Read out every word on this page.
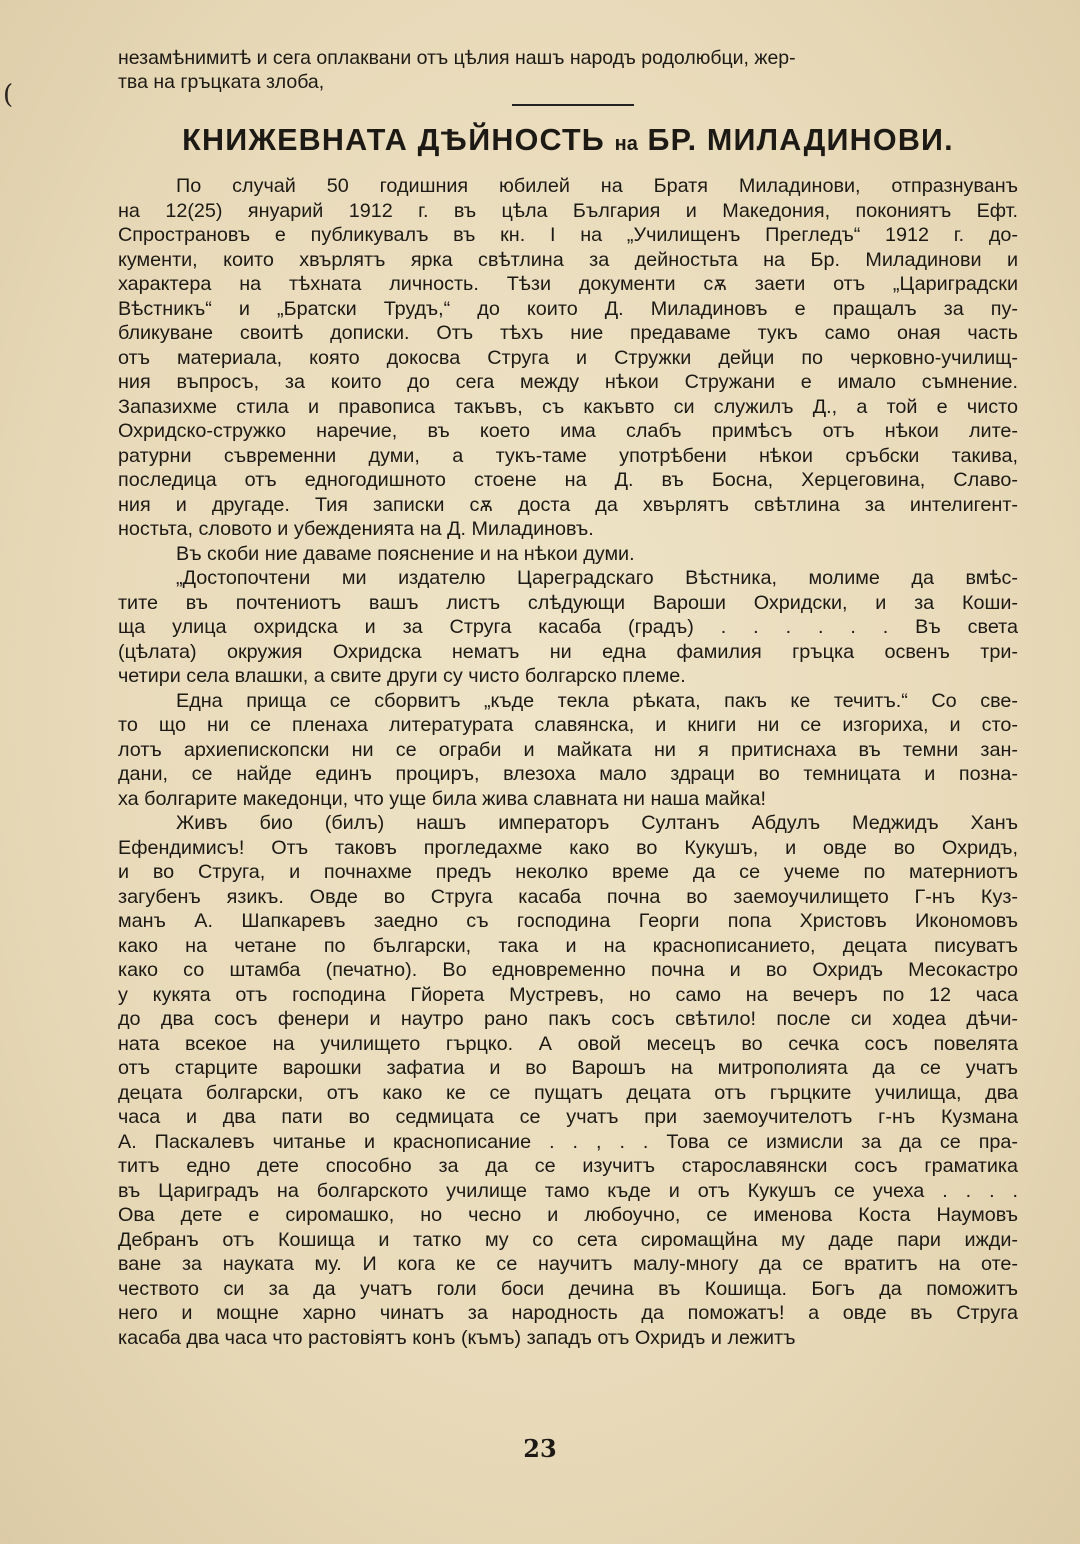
(

незамѣнимитѣ и сега оплаквани отъ цѣлия нашъ народъ родолюбци, жер-

тва на гръцката злоба,

КНИЖЕВНАТА ДѢЙНОСТЬ на БР. МИЛАДИНОВИ.

По случай 50 годишния юбилей на Братя Миладинови, отпразнуванъ
на 12(25) януарий 1912 г. въ цѣла България и Македония, покониятъ Ефт.
Спространовъ е публикувалъ въ кн. I на „Училищенъ Прегледъ“ 1912 г. до-
кументи, които хвърлятъ ярка свѣтлина за дейностьта на Бр. Миладинови и
характера на тѣхната личность. Тѣзи документи сѫ заети отъ „Цариградски
Вѣстникъ“ и „Братски Трудъ,“ до които Д. Миладиновъ е пращалъ за пу-
бликуване своитѣ дописки. Отъ тѣхъ ние предаваме тукъ само оная часть
отъ материала, която докосва Струга и Стружки дейци по черковно-училищ-
ния въпросъ, за които до сега между нѣкои Стружани е имало съмнение.
Запазихме стила и правописа такъвъ, съ какъвто си служилъ Д., а той е чисто
Охридско-стружко наречие, въ което има слабъ примѣсъ отъ нѣкои лите-
ратурни съвременни думи, а тукъ-таме употрѣбени нѣкои сръбски такива,
последица отъ едногодишното стоене на Д. въ Босна, Херцеговина, Славо-
ния и другаде. Тия записки сѫ доста да хвърлятъ свѣтлина за интелигент-
ностьта, словото и убежденията на Д. Миладиновъ.

Въ скоби ние даваме пояснение и на нѣкои думи.

„Достопочтени ми издателю Цареградскаго Вѣстника, молиме да вмѣс-
тите въ почтениотъ вашъ листъ слѣдующи Вароши Охридски, и за Коши-
ща улица охридска и за Струга касаба (градъ) . . . . . . Въ света
(цѣлата) окружия Охридска нематъ ни една фамилия гръцка освенъ три-
четири села влашки, а свите други су чисто болгарско племе.

Една прища се сборвитъ „къде текла рѣката, пакъ ке течитъ.“ Со све-
то що ни се пленаха литературата славянска, и книги ни се изгориха, и сто-
лотъ архиепископски ни се ограби и майката ни я притиснаха въ темни зан-
дани, се найде единъ проциръ, влезоха мало здраци во темницата и позна-
ха болгарите македонци, что уще била жива славната ни наша майка!

Живъ био (билъ) нашъ императоръ Султанъ Абдулъ Меджидъ Ханъ
Ефендимисъ! Отъ таковъ прогледахме како во Кукушъ, и овде во Охридъ,
и во Струга, и почнахме предъ неколко време да се учеме по матерниотъ
загубенъ язикъ. Овде во Струга касаба почна во заемоучилището Г-нъ Куз-
манъ А. Шапкаревъ заедно съ господина Георги попа Христовъ Икономовъ
како на четане по български, така и на краснописанието, децата писуватъ
како со штамба (печатно). Во едновременно почна и во Охридъ Месокастро
у кукята отъ господина Гйорета Мустревъ, но само на вечеръ по 12 часа
до два сосъ фенери и наутро рано пакъ сосъ свѣтило! после си ходеа дѣчи-
ната всекое на училището гърцко. А овой месецъ во сечка сосъ повелята
отъ старците варошки зафатиа и во Варошъ на митрополията да се учатъ
децата болгарски, отъ како ке се пущатъ децата отъ гърцките училища, два
часа и два пати во седмицата се учатъ при заемоучителотъ г-нъ Кузмана
А. Паскалевъ читанье и краснописание . . , . . Това се измисли за да се пра-
титъ едно дете способно за да се изучитъ старославянски сосъ граматика
въ Цариградъ на болгарското училище тамо къде и отъ Кукушъ се учеха . . . .
Ова дете е сиромашко, но чесно и любоучно, се именова Коста Наумовъ
Дебранъ отъ Кошища и татко му со сета сиромащйна му даде пари ижди-
ване за науката му. И кога ке се научитъ малу-многу да се вратитъ на оте-
чеството си за да учатъ голи боси дечина въ Кошища. Богъ да поможитъ
него и мощне харно чинатъ за народность да поможатъ! а овде въ Струга
касаба два часа что растовіятъ конъ (къмъ) западъ отъ Охридъ и лежитъ

23
